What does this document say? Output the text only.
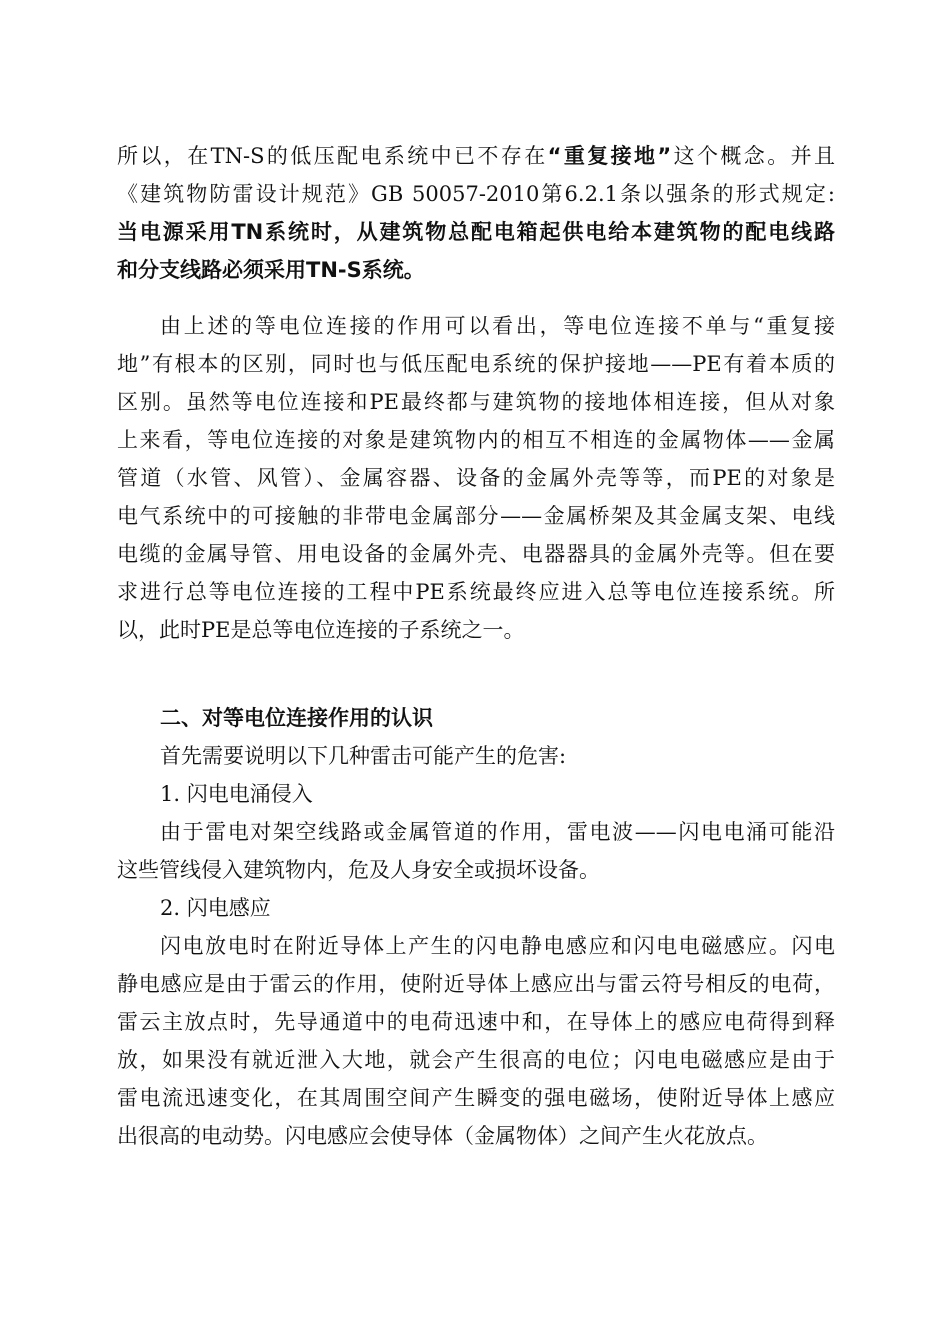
所以，在TN-S的低压配电系统中已不存在“重复接地”这个概念。并且
《建筑物防雷设计规范》GB 50057-2010第6.2.1条以强条的形式规定:
当电源采用TN系统时，从建筑物总配电箱起供电给本建筑物的配电线路
和分支线路必须采用TN-S系统。
由上述的等电位连接的作用可以看出，等电位连接不单与“重复接
地”有根本的区别，同时也与低压配电系统的保护接地——PE有着本质的
区别。虽然等电位连接和PE最终都与建筑物的接地体相连接，但从对象
上来看，等电位连接的对象是建筑物内的相互不相连的金属物体——金属
管道（水管、风管）、金属容器、设备的金属外壳等等，而PE的对象是
电气系统中的可接触的非带电金属部分——金属桥架及其金属支架、电线
电缆的金属导管、用电设备的金属外壳、电器器具的金属外壳等。但在要
求进行总等电位连接的工程中PE系统最终应进入总等电位连接系统。所
以，此时PE是总等电位连接的子系统之一。
二、对等电位连接作用的认识
首先需要说明以下几种雷击可能产生的危害:
1. 闪电电涌侵入
由于雷电对架空线路或金属管道的作用，雷电波——闪电电涌可能沿
这些管线侵入建筑物内，危及人身安全或损坏设备。
2. 闪电感应
闪电放电时在附近导体上产生的闪电静电感应和闪电电磁感应。闪电
静电感应是由于雷云的作用，使附近导体上感应出与雷云符号相反的电荷，
雷云主放点时，先导通道中的电荷迅速中和，在导体上的感应电荷得到释
放，如果没有就近泄入大地，就会产生很高的电位；闪电电磁感应是由于
雷电流迅速变化，在其周围空间产生瞬变的强电磁场，使附近导体上感应
出很高的电动势。闪电感应会使导体（金属物体）之间产生火花放点。
